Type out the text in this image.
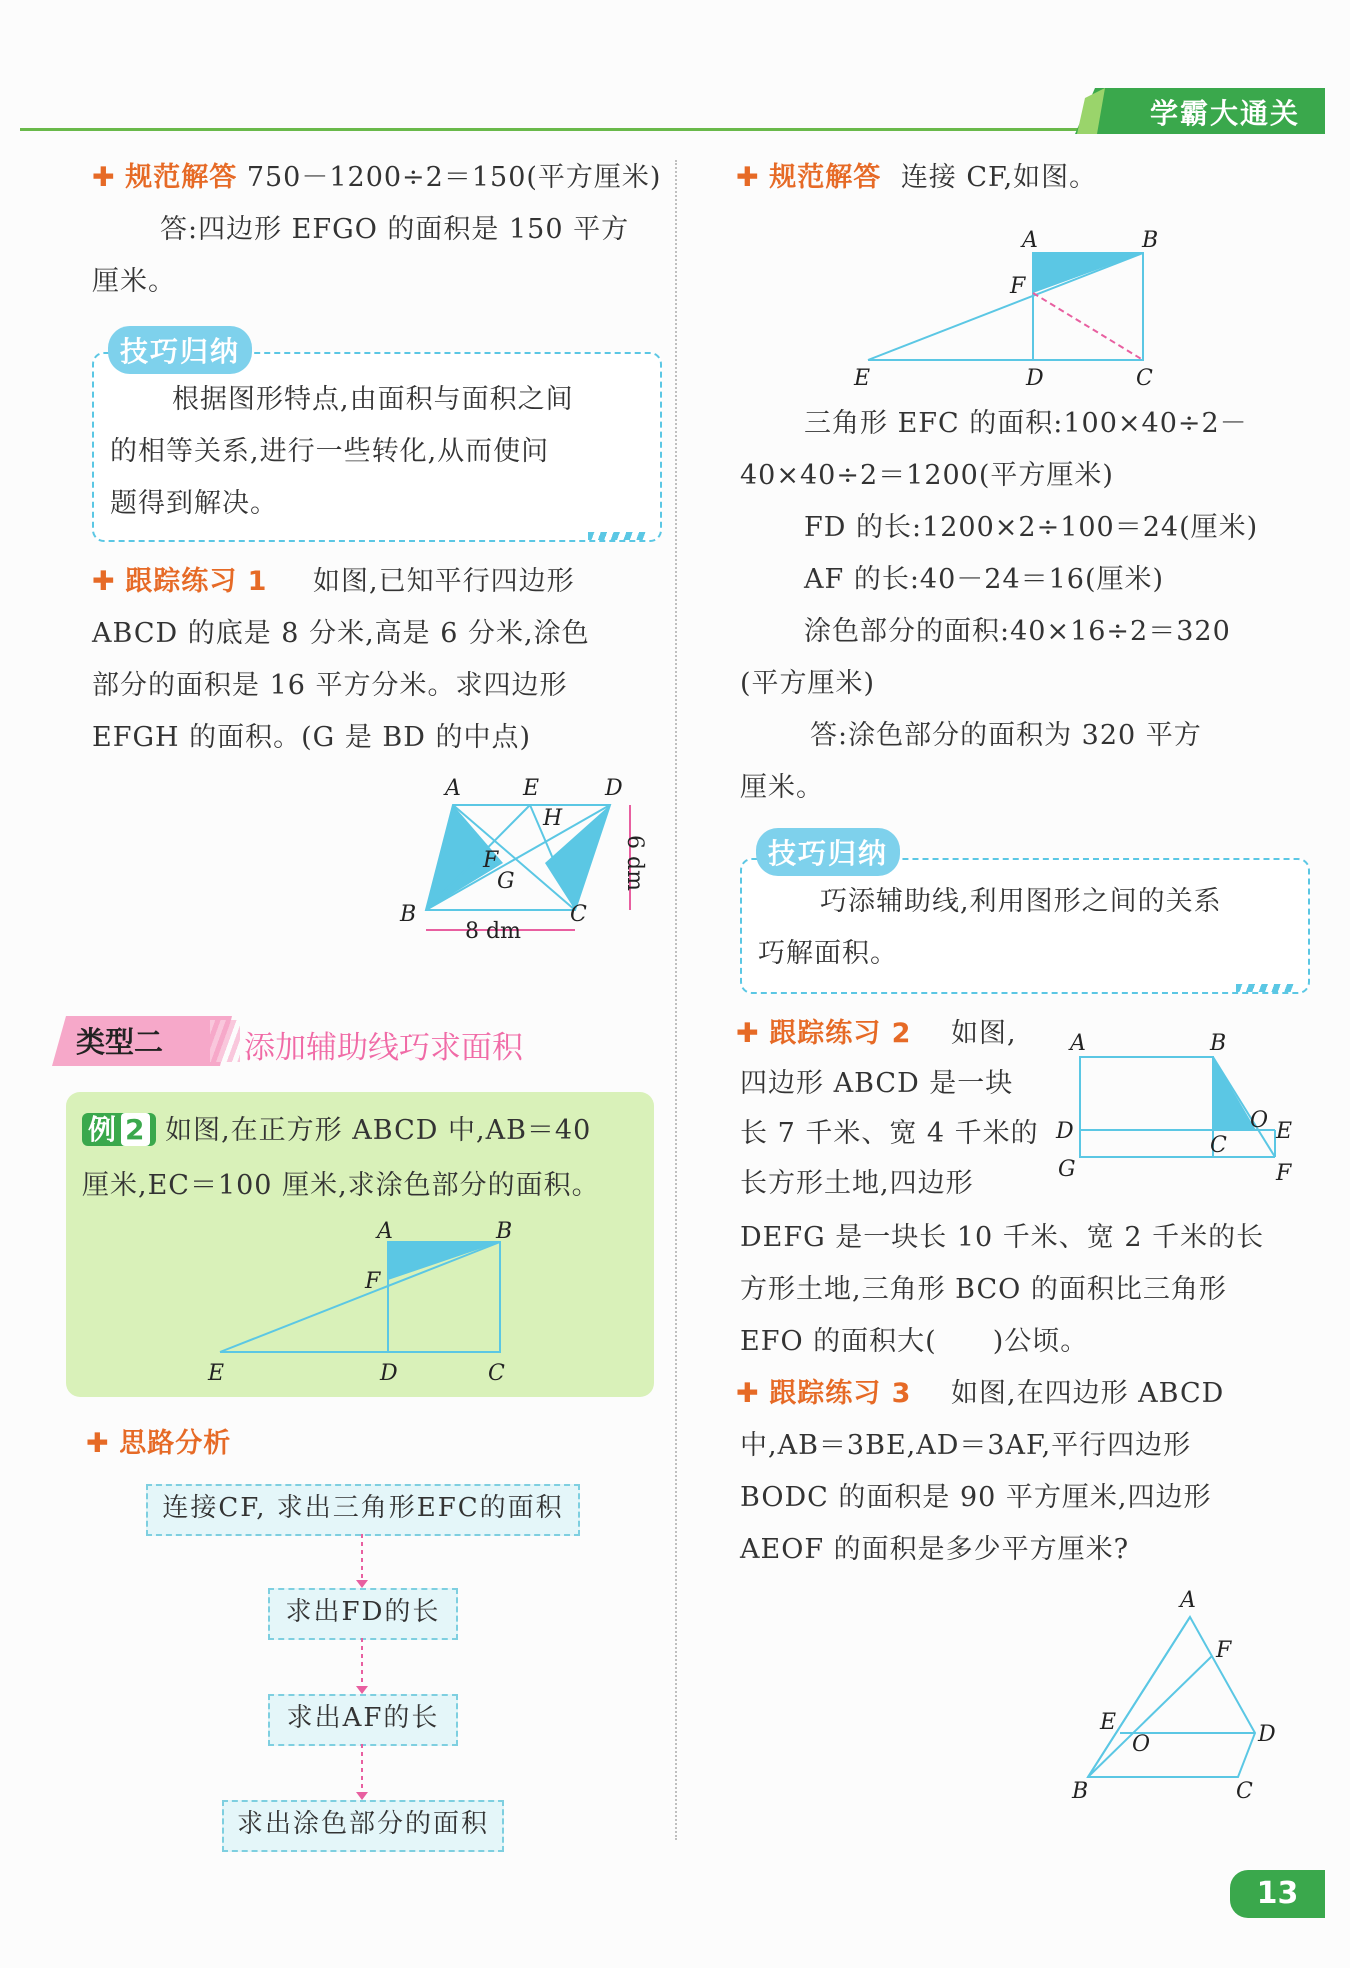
学霸大通关
✚ 规范解答 750－1200÷2＝150(平方厘米)
答:四边形 EFGO 的面积是 150 平方
厘米。
技巧归纳
根据图形特点,由面积与面积之间
的相等关系,进行一些转化,从而使问
题得到解决。
✚ 跟踪练习 1 如图,已知平行四边形
ABCD 的底是 8 分米,高是 6 分米,涂色
部分的面积是 16 平方分米。求四边形
EFGH 的面积。(G 是 BD 的中点)
A	E	D
H
F
G
B	C
8 dm
6 dm
类型二	添加辅助线巧求面积
例 2 如图,在正方形 ABCD 中,AB＝40
厘米,EC＝100 厘米,求涂色部分的面积。
A	B
F
E	D	C
✚ 思路分析
连接CF, 求出三角形EFC的面积
求出FD的长
求出AF的长
求出涂色部分的面积
✚ 规范解答 连接 CF,如图。
A	B
F
E	D	C
三角形 EFC 的面积:100×40÷2－
40×40÷2＝1200(平方厘米)
FD 的长:1200×2÷100＝24(厘米)
AF 的长:40－24＝16(厘米)
涂色部分的面积:40×16÷2＝320
(平方厘米)
答:涂色部分的面积为 320 平方
厘米。
技巧归纳
巧添辅助线,利用图形之间的关系
巧解面积。
✚ 跟踪练习 2 如图,
四边形 ABCD 是一块
长 7 千米、宽 4 千米的
长方形土地,四边形
DEFG 是一块长 10 千米、宽 2 千米的长
方形土地,三角形 BCO 的面积比三角形
EFO 的面积大(　　)公顷。
A	B
O
D
C
E
G	F
✚ 跟踪练习 3 如图,在四边形 ABCD
中,AB＝3BE,AD＝3AF,平行四边形
BODC 的面积是 90 平方厘米,四边形
AEOF 的面积是多少平方厘米?
A
F
E
O	D
B	C
13
